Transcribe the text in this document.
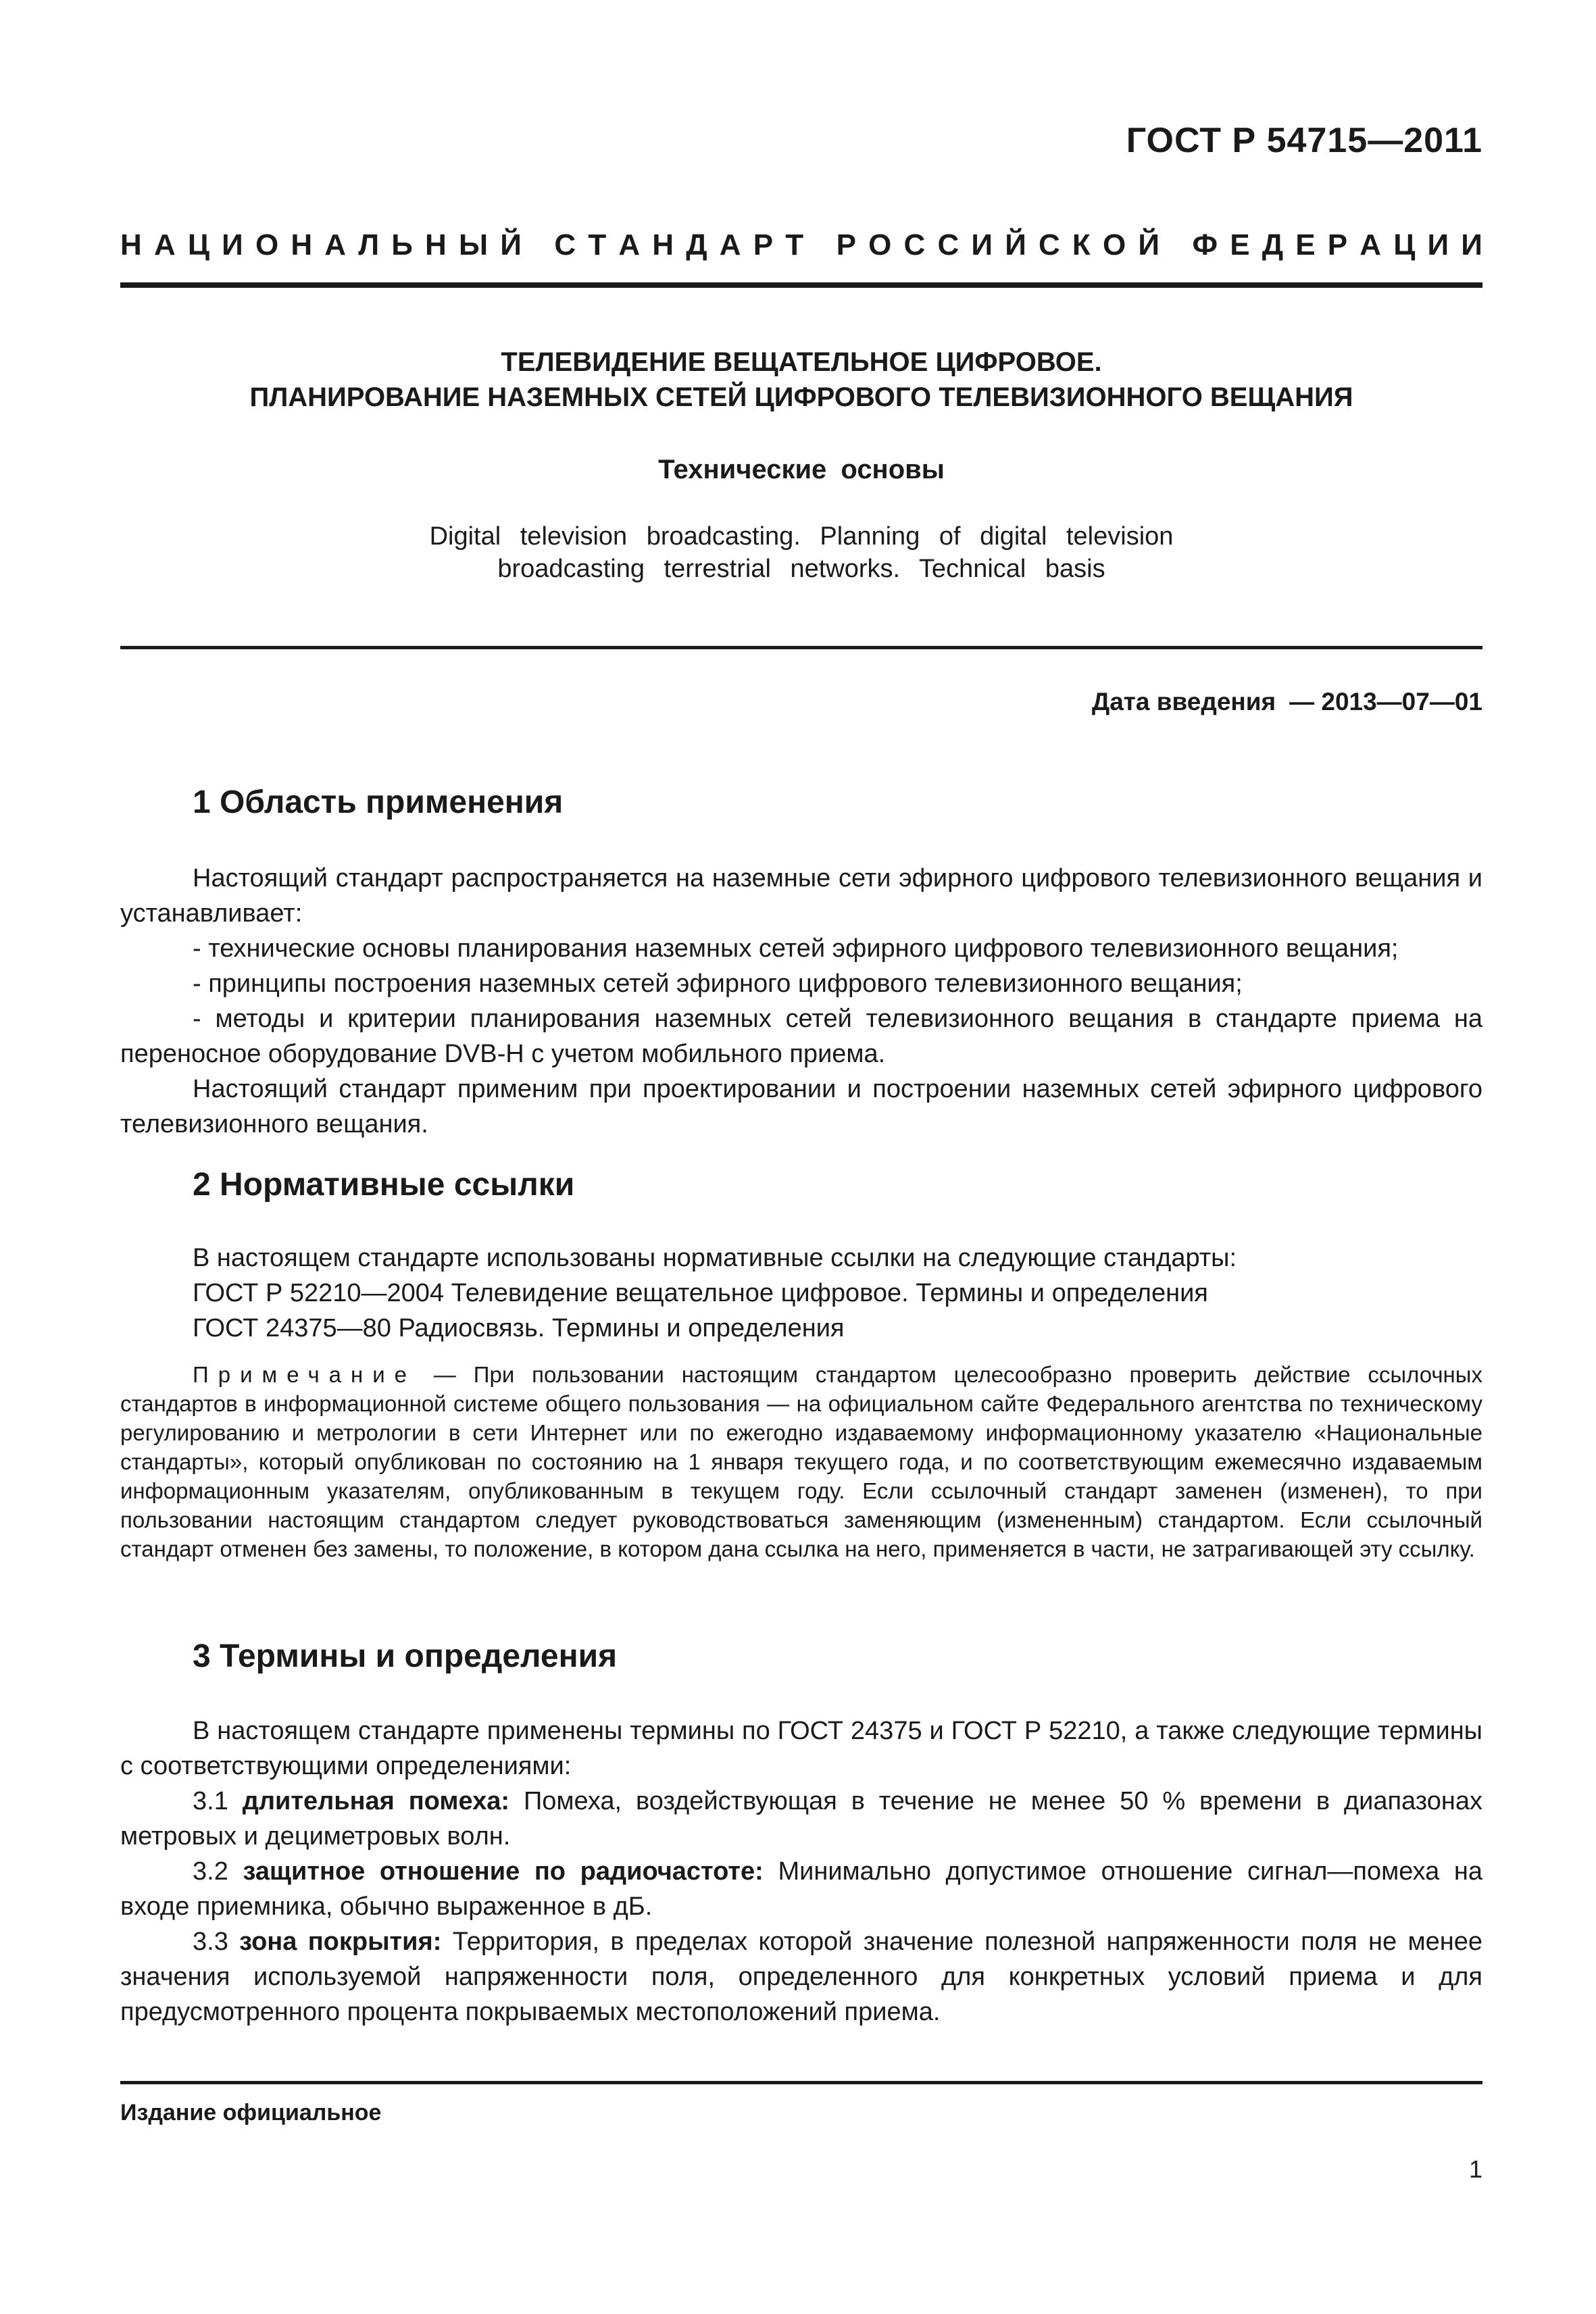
ГОСТ Р 54715—2011
Н А Ц И О Н А Л Ь Н Ы Й
С Т А Н Д А Р Т
Р О С С И Й С К О Й
Ф Е Д Е Р А Ц И И
ТЕЛЕВИДЕНИЕ ВЕЩАТЕЛЬНОЕ ЦИФРОВОЕ.
ПЛАНИРОВАНИЕ НАЗЕМНЫХ СЕТЕЙ ЦИФРОВОГО ТЕЛЕВИЗИОННОГО ВЕЩАНИЯ
Технические основы
Digital television broadcasting. Planning of digital television
broadcasting terrestrial networks. Technical basis
Дата введения — 2013—07—01
1 Область применения

Настоящий стандарт распространяется на наземные сети эфирного цифрового телевизионного вещания и устанавливает:

- технические основы планирования наземных сетей эфирного цифрового телевизионного вещания;

- принципы построения наземных сетей эфирного цифрового телевизионного вещания;

- методы и критерии планирования наземных сетей телевизионного вещания в стандарте приема на переносное оборудование DVB-H с учетом мобильного приема.

Настоящий стандарт применим при проектировании и построении наземных сетей эфирного цифрового телевизионного вещания.

2 Нормативные ссылки

В настоящем стандарте использованы нормативные ссылки на следующие стандарты:

ГОСТ Р 52210—2004 Телевидение вещательное цифровое. Термины и определения

ГОСТ 24375—80 Радиосвязь. Термины и определения

Примечание — При пользовании настоящим стандартом целесообразно проверить действие ссылочных стандартов в информационной системе общего пользования — на официальном сайте Федерального агентства по техническому регулированию и метрологии в сети Интернет или по ежегодно издаваемому информационному указателю «Национальные стандарты», который опубликован по состоянию на 1 января текущего года, и по соответствующим ежемесячно издаваемым информационным указателям, опубликованным в текущем году. Если ссылочный стандарт заменен (изменен), то при пользовании настоящим стандартом следует руководствоваться заменяющим (измененным) стандартом. Если ссылочный стандарт отменен без замены, то положение, в котором дана ссылка на него, применяется в части, не затрагивающей эту ссылку.

3 Термины и определения

В настоящем стандарте применены термины по ГОСТ 24375 и ГОСТ Р 52210, а также следующие термины с соответствующими определениями:

3.1 длительная помеха: Помеха, воздействующая в течение не менее 50 % времени в диапазонах метровых и дециметровых волн.

3.2 защитное отношение по радиочастоте: Минимально допустимое отношение сигнал—помеха на входе приемника, обычно выраженное в дБ.

3.3 зона покрытия: Территория, в пределах которой значение полезной напряженности поля не менее значения используемой напряженности поля, определенного для конкретных условий приема и для предусмотренного процента покрываемых местоположений приема.

Издание официальное
1
